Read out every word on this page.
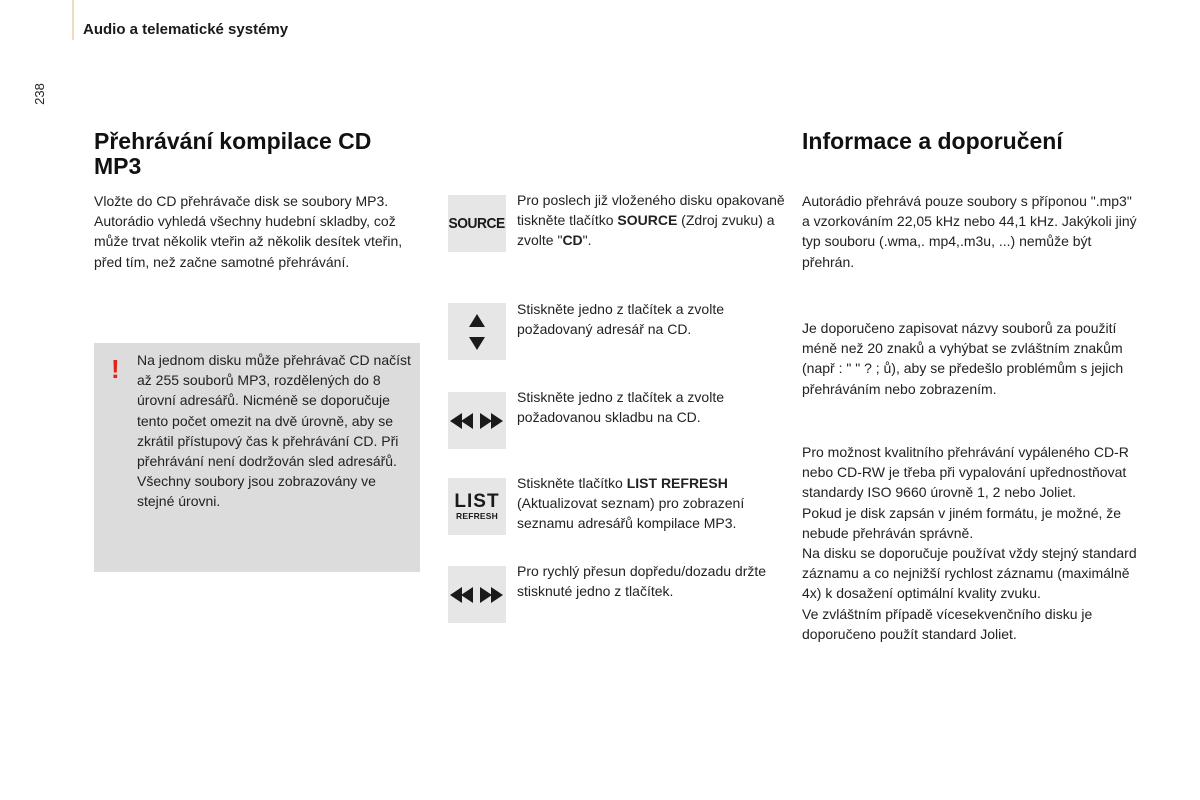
Audio a telematické systémy
238
Přehrávání kompilace CD MP3

Vložte do CD přehrávače disk se soubory MP3. Autorádio vyhledá všechny hudební skladby, což může trvat několik vteřin až několik desítek vteřin, před tím, než začne samotné přehrávání.

! Na jednom disku může přehrávač CD načíst až 255 souborů MP3, rozdělených do 8 úrovní adresářů. Nicméně se doporučuje tento počet omezit na dvě úrovně, aby se zkrátil přístupový čas k přehrávání CD. Při přehrávání není dodržován sled adresářů. Všechny soubory jsou zobrazovány ve stejné úrovni.

SOURCE

Pro poslech již vloženého disku opakovaně tiskněte tlačítko SOURCE (Zdroj zvuku) a zvolte "CD".

Stiskněte jedno z tlačítek a zvolte požadovaný adresář na CD.

Stiskněte jedno z tlačítek a zvolte požadovanou skladbu na CD.

LIST
REFRESH

Stiskněte tlačítko LIST REFRESH (Aktualizovat seznam) pro zobrazení seznamu adresářů kompilace MP3.

Pro rychlý přesun dopředu/dozadu držte stisknuté jedno z tlačítek.

Informace a doporučení

Autorádio přehrává pouze soubory s příponou ".mp3" a vzorkováním 22,05 kHz nebo 44,1 kHz. Jakýkoli jiný typ souboru (.wma,. mp4,.m3u, ...) nemůže být přehrán.

Je doporučeno zapisovat názvy souborů za použití méně než 20 znaků a vyhýbat se zvláštním znakům (např : " " ? ; ů), aby se předešlo problémům s jejich přehráváním nebo zobrazením.

Pro možnost kvalitního přehrávání vypáleného CD-R nebo CD-RW je třeba při vypalování upřednostňovat standardy ISO 9660 úrovně 1, 2 nebo Joliet.

Pokud je disk zapsán v jiném formátu, je možné, že nebude přehráván správně.

Na disku se doporučuje používat vždy stejný standard záznamu a co nejnižší rychlost záznamu (maximálně 4x) k dosažení optimální kvality zvuku.

Ve zvláštním případě vícesekvenčního disku je doporučeno použít standard Joliet.
